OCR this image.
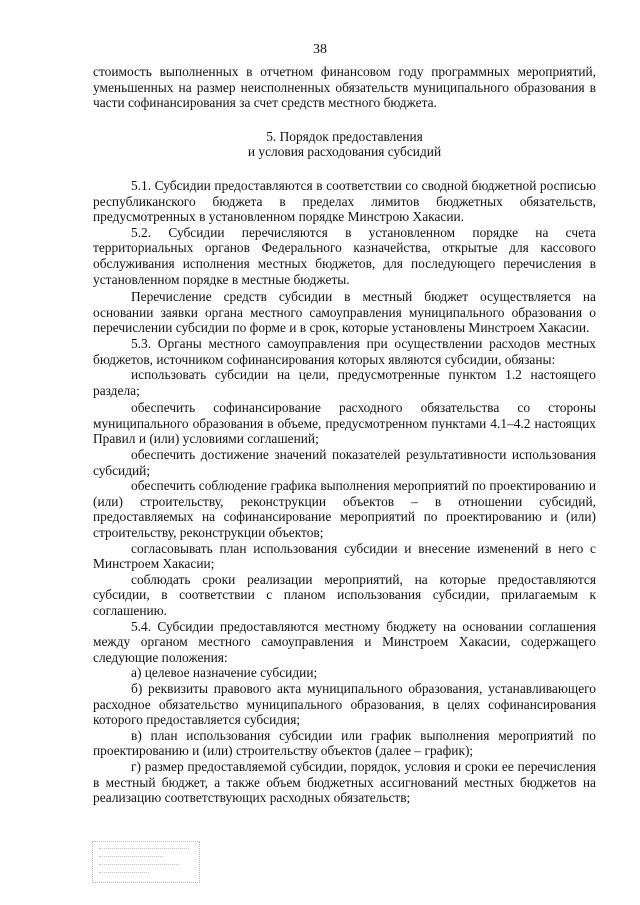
38

стоимость выполненных в отчетном финансовом году программных мероприятий, уменьшенных на размер неисполненных обязательств муниципального образования в части софинансирования за счет средств местного бюджета.

5. Порядок предоставления
и условия расходования субсидий

5.1. Субсидии предоставляются в соответствии со сводной бюджетной росписью республиканского бюджета в пределах лимитов бюджетных обязательств, предусмотренных в установленном порядке Минстрою Хакасии.

5.2. Субсидии перечисляются в установленном порядке на счета территориальных органов Федерального казначейства, открытые для кассового обслуживания исполнения местных бюджетов, для последующего перечисления в установленном порядке в местные бюджеты.

Перечисление средств субсидии в местный бюджет осуществляется на основании заявки органа местного самоуправления муниципального образования о перечислении субсидии по форме и в срок, которые установлены Минстроем Хакасии.

5.3. Органы местного самоуправления при осуществлении расходов местных бюджетов, источником софинансирования которых являются субсидии, обязаны:

использовать субсидии на цели, предусмотренные пунктом 1.2 настоящего раздела;

обеспечить софинансирование расходного обязательства со стороны муниципального образования в объеме, предусмотренном пунктами 4.1–4.2 настоящих Правил и (или) условиями соглашений;

обеспечить достижение значений показателей результативности использования субсидий;

обеспечить соблюдение графика выполнения мероприятий по проектированию и (или) строительству, реконструкции объектов – в отношении субсидий, предоставляемых на софинансирование мероприятий по проектированию и (или) строительству, реконструкции объектов;

согласовывать план использования субсидии и внесение изменений в него с Минстроем Хакасии;

соблюдать сроки реализации мероприятий, на которые предоставляются субсидии, в соответствии с планом использования субсидии, прилагаемым к соглашению.

5.4. Субсидии предоставляются местному бюджету на основании соглашения между органом местного самоуправления и Минстроем Хакасии, содержащего следующие положения:

а) целевое назначение субсидии;

б) реквизиты правового акта муниципального образования, устанавливающего расходное обязательство муниципального образования, в целях софинансирования которого предоставляется субсидия;

в) план использования субсидии или график выполнения мероприятий по проектированию и (или) строительству объектов (далее – график);

г) размер предоставляемой субсидии, порядок, условия и сроки ее перечисления в местный бюджет, а также объем бюджетных ассигнований местных бюджетов на реализацию соответствующих расходных обязательств;
